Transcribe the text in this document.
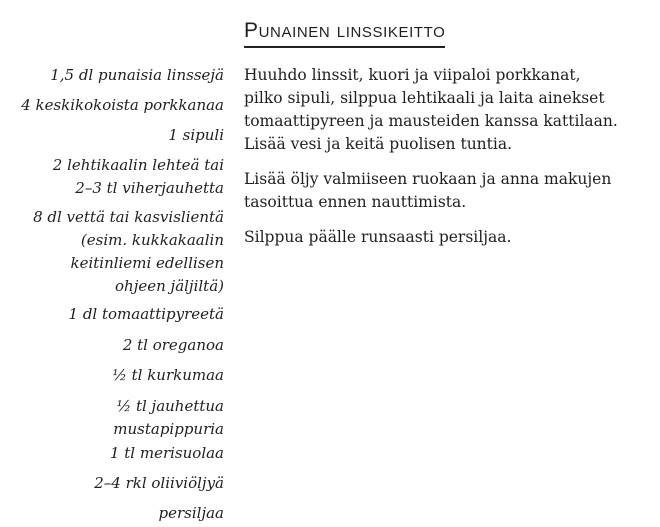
Punainen linssikeitto
1,5 dl punaisia linssejä
4 keskikokoista porkkanaa
1 sipuli
2 lehtikaalin lehteä tai
2–3 tl viherjauhetta
8 dl vettä tai kasvislientä
(esim. kukkakaalin
keitinliemi edellisen
ohjeen jäljiltä)
1 dl tomaattipyreetä
2 tl oreganoa
½ tl kurkumaa
½ tl jauhettua
mustapippuria
1 tl merisuolaa
2–4 rkl oliiviöljyä
persiljaa

Huuhdo linssit, kuori ja viipaloi porkkanat,
pilko sipuli, silppua lehtikaali ja laita ainekset
tomaattipyreen ja mausteiden kanssa kattilaan.
Lisää vesi ja keitä puolisen tuntia.

Lisää öljy valmiiseen ruokaan ja anna makujen
tasoittua ennen nauttimista.

Silppua päälle runsaasti persiljaa.
